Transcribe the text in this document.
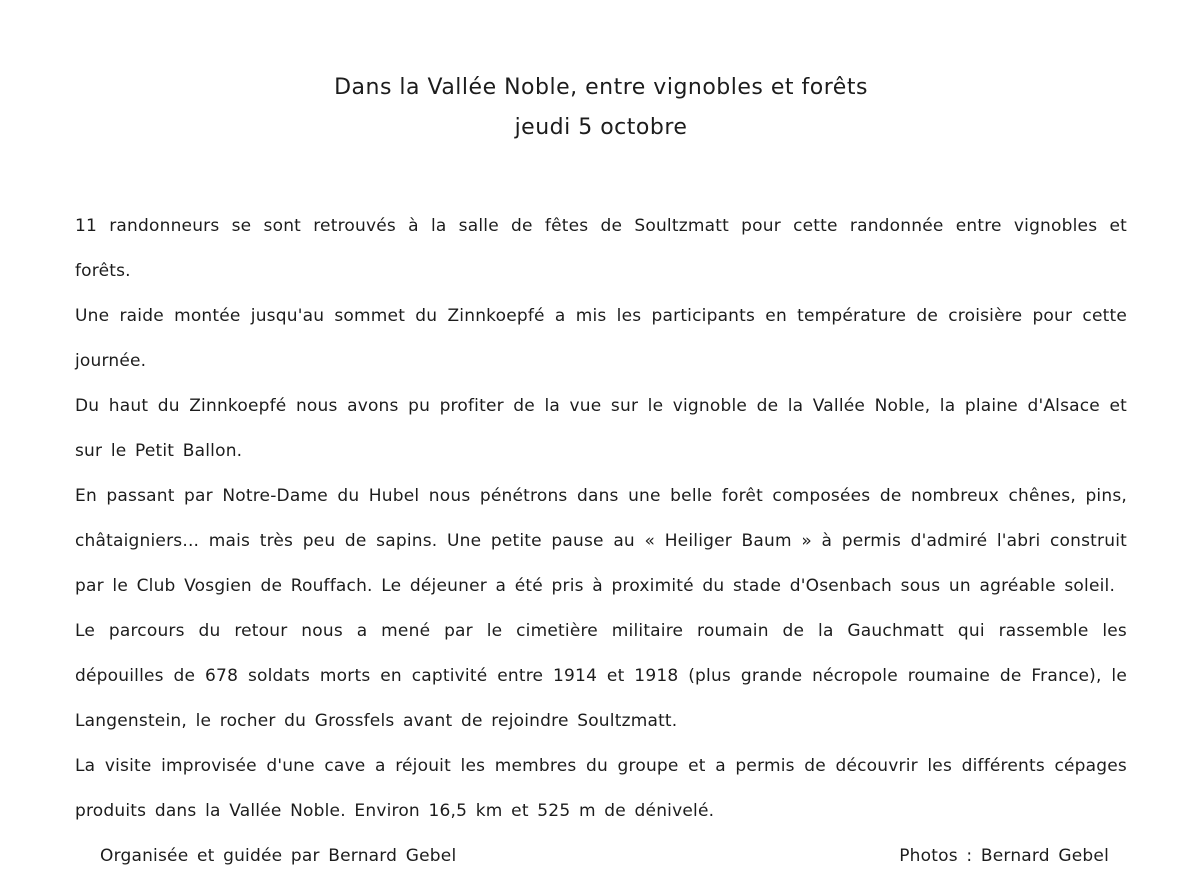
Dans la Vallée Noble, entre vignobles et forêts
jeudi 5 octobre

11 randonneurs se sont retrouvés à la salle de fêtes de Soultzmatt pour cette randonnée entre vignobles et forêts.

Une raide montée jusqu'au sommet du Zinnkoepfé a mis les participants en température de croisière pour cette journée.

Du haut du Zinnkoepfé nous avons pu profiter de la vue sur le vignoble de la Vallée Noble, la plaine d'Alsace et sur le Petit Ballon.

En passant par Notre-Dame du Hubel nous pénétrons dans une belle forêt composées de nombreux chênes, pins, châtaigniers... mais très peu de sapins. Une petite pause au « Heiliger Baum » à permis d'admiré l'abri construit par le Club Vosgien de Rouffach. Le déjeuner a été pris à proximité du stade d'Osenbach sous un agréable soleil.

Le parcours du retour nous a mené par le cimetière militaire roumain de la Gauchmatt qui rassemble les dépouilles de 678 soldats morts en captivité entre 1914 et 1918 (plus grande nécropole roumaine de France), le Langenstein, le rocher du Grossfels avant de rejoindre Soultzmatt.

La visite improvisée d'une cave a réjouit les membres du groupe et a permis de découvrir les différents cépages produits dans la Vallée Noble. Environ 16,5 km et 525 m de dénivelé.

Organisée et guidée par Bernard Gebel	Photos : Bernard Gebel
